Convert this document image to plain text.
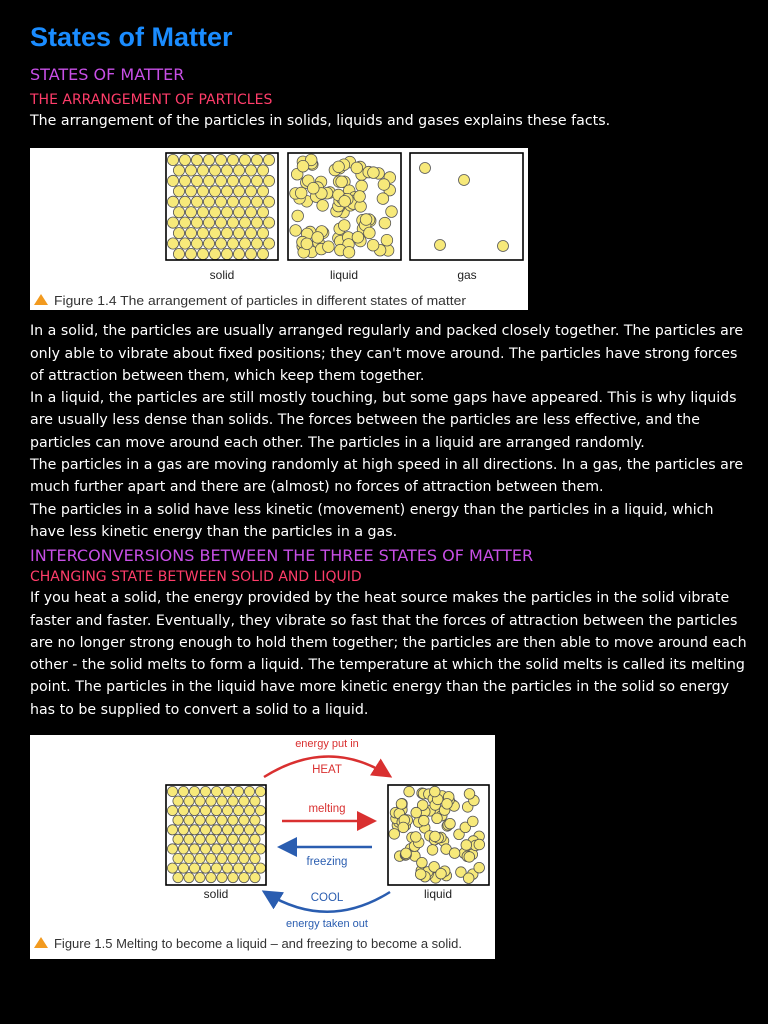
States of Matter
STATES OF MATTER
THE ARRANGEMENT OF PARTICLES

The arrangement of the particles in solids, liquids and gases explains these facts.

solid	liquid	gas
Figure 1.4 The arrangement of particles in different states of matter

In a solid, the particles are usually arranged regularly and packed closely together. The particles are only able to vibrate about fixed positions; they can't move around. The particles have strong forces of attraction between them, which keep them together.

In a liquid, the particles are still mostly touching, but some gaps have appeared. This is why liquids are usually less dense than solids. The forces between the particles are less effective, and the particles can move around each other. The particles in a liquid are arranged randomly.

The particles in a gas are moving randomly at high speed in all directions. In a gas, the particles are much further apart and there are (almost) no forces of attraction between them.

The particles in a solid have less kinetic (movement) energy than the particles in a liquid, which have less kinetic energy than the particles in a gas.

INTERCONVERSIONS BETWEEN THE THREE STATES OF MATTER
CHANGING STATE BETWEEN SOLID AND LIQUID

If you heat a solid, the energy provided by the heat source makes the particles in the solid vibrate faster and faster. Eventually, they vibrate so fast that the forces of attraction between the particles are no longer strong enough to hold them together; the particles are then able to move around each other - the solid melts to form a liquid. The temperature at which the solid melts is called its melting point. The particles in the liquid have more kinetic energy than the particles in the solid so energy has to be supplied to convert a solid to a liquid.

energy put in
HEAT
melting
freezing
COOL
energy taken out
solid	liquid
Figure 1.5 Melting to become a liquid – and freezing to become a solid.
